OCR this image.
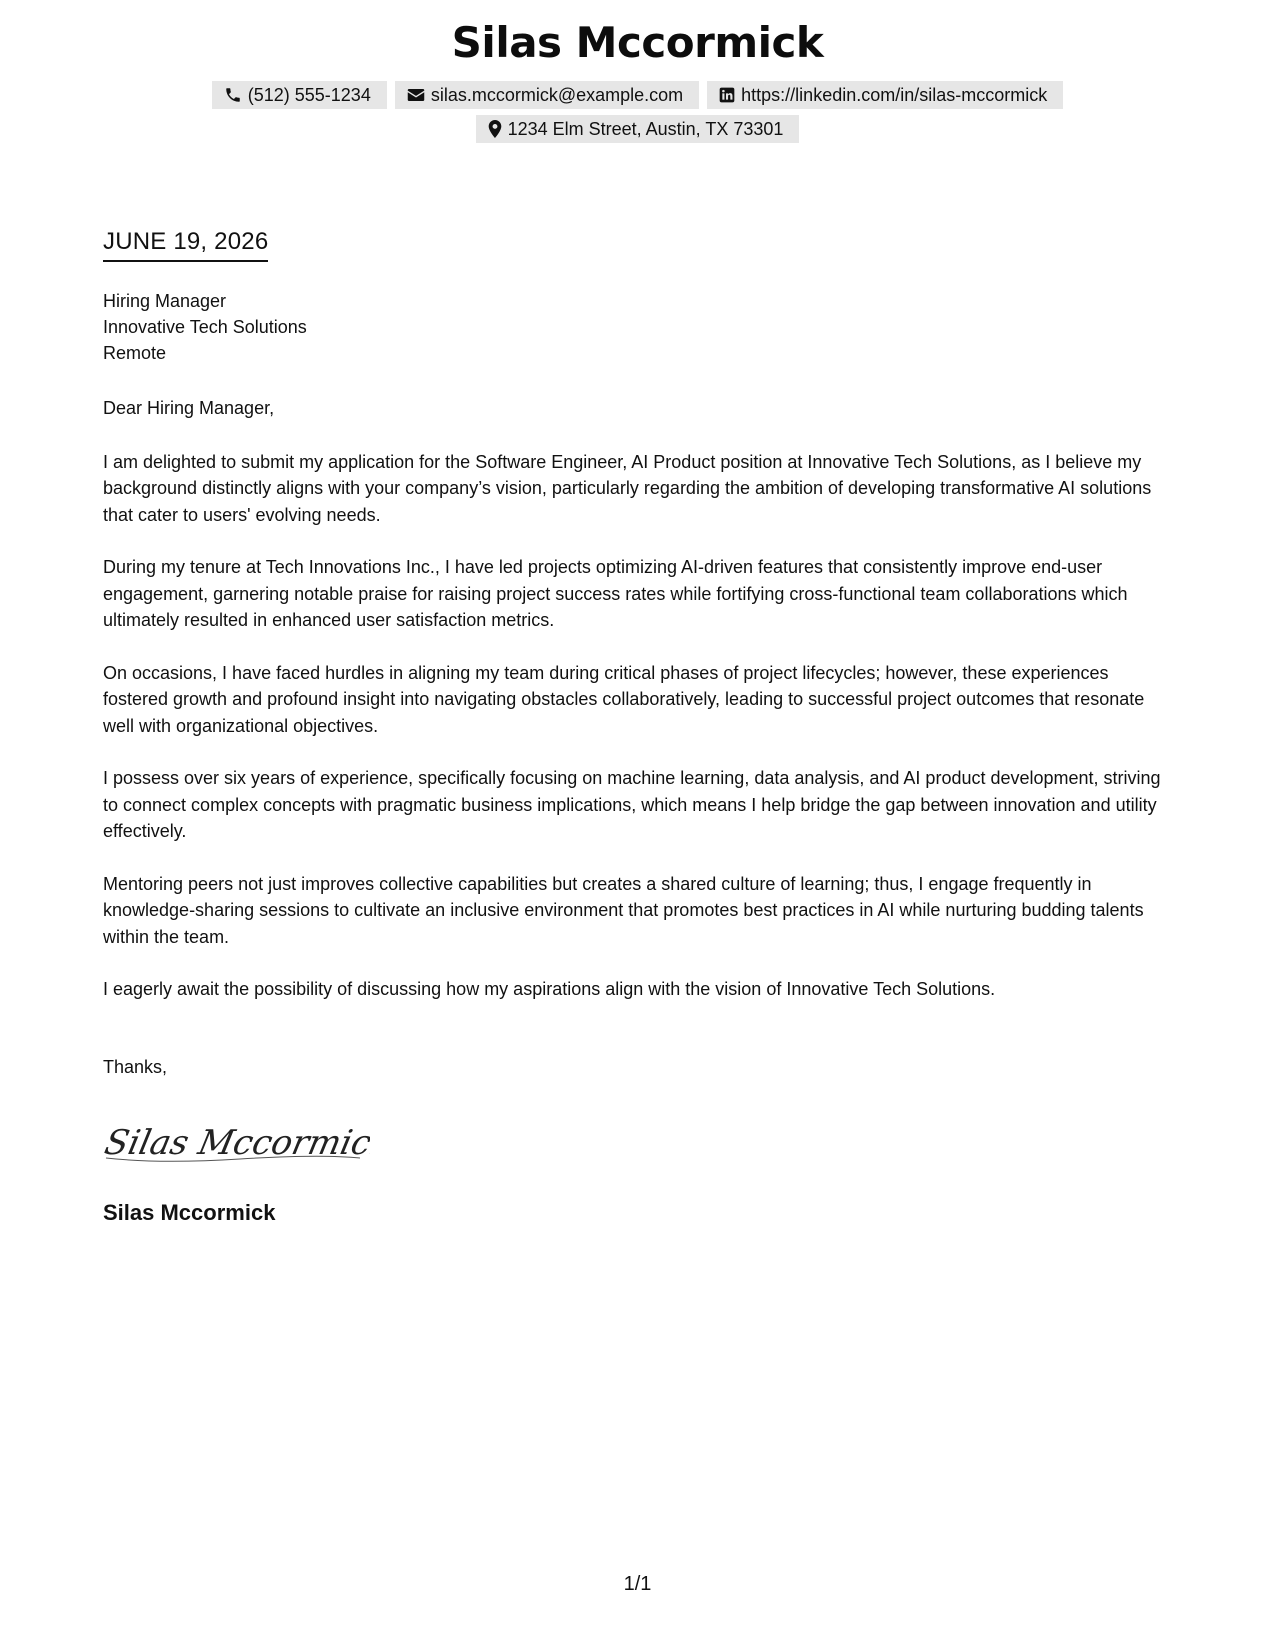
Silas Mccormick
(512) 555-1234	silas.mccormick@example.com	https://linkedin.com/in/silas-mccormick
1234 Elm Street, Austin, TX 73301
JUNE 19, 2026
Hiring Manager
Innovative Tech Solutions
Remote

Dear Hiring Manager,

I am delighted to submit my application for the Software Engineer, AI Product position at Innovative Tech Solutions, as I believe my background distinctly aligns with your company’s vision, particularly regarding the ambition of developing transformative AI solutions that cater to users' evolving needs.

During my tenure at Tech Innovations Inc., I have led projects optimizing AI-driven features that consistently improve end-user engagement, garnering notable praise for raising project success rates while fortifying cross-functional team collaborations which ultimately resulted in enhanced user satisfaction metrics.

On occasions, I have faced hurdles in aligning my team during critical phases of project lifecycles; however, these experiences fostered growth and profound insight into navigating obstacles collaboratively, leading to successful project outcomes that resonate well with organizational objectives.

I possess over six years of experience, specifically focusing on machine learning, data analysis, and AI product development, striving to connect complex concepts with pragmatic business implications, which means I help bridge the gap between innovation and utility effectively.

Mentoring peers not just improves collective capabilities but creates a shared culture of learning; thus, I engage frequently in knowledge-sharing sessions to cultivate an inclusive environment that promotes best practices in AI while nurturing budding talents within the team.

I eagerly await the possibility of discussing how my aspirations align with the vision of Innovative Tech Solutions.

Thanks,
Silas Mccormick
Silas Mccormick
1/1
